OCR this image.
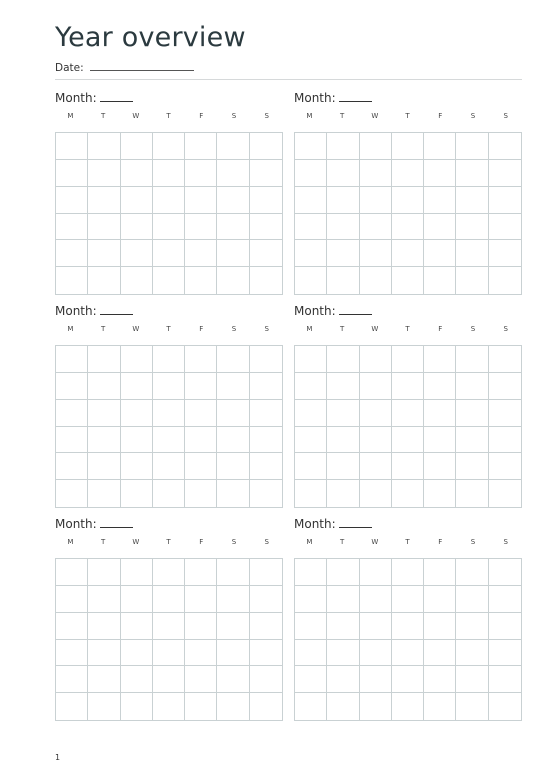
Year overview
Date:
Month:
M	T	W	T	F	S	S
Month:
M	T	W	T	F	S	S
Month:
M	T	W	T	F	S	S
Month:
M	T	W	T	F	S	S
Month:
M	T	W	T	F	S	S
Month:
M	T	W	T	F	S	S
1
